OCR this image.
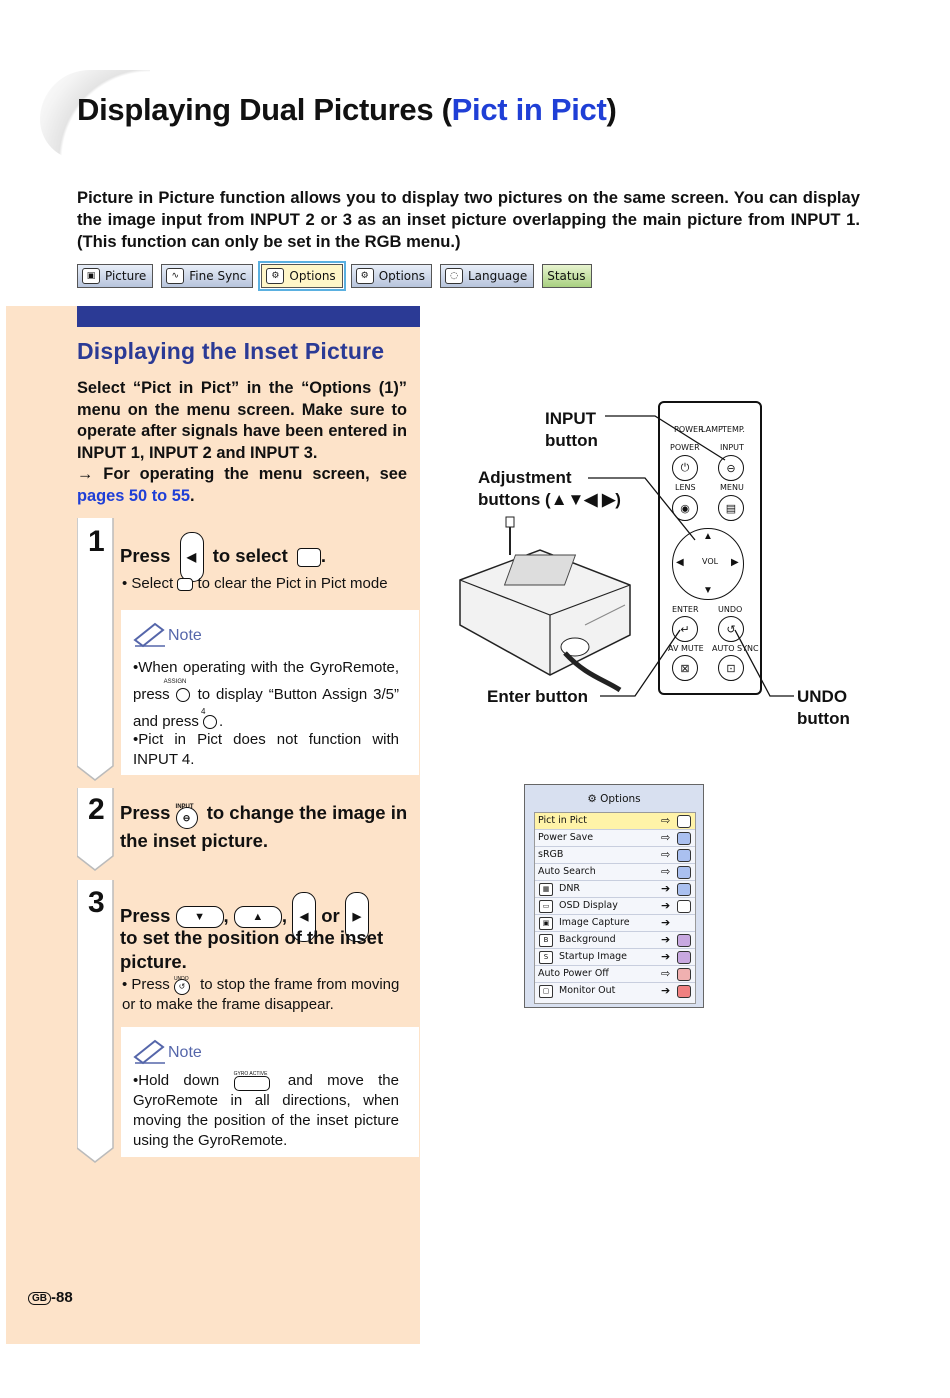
Displaying Dual Pictures (Pict in Pict)
Picture in Picture function allows you to display two pictures on the same screen. You can display the image input from INPUT 2 or 3 as an inset picture overlapping the main picture from INPUT 1. (This function can only be set in the RGB menu.)
▣ Picture	∿ Fine Sync	⚙ Options	⚙ Options	◌ Language Status
Displaying the Inset Picture
Select “Pict in Pict” in the “Options (1)” menu on the menu screen. Make sure to operate after signals have been entered in INPUT 1, INPUT 2 and INPUT 3.
→ For operating the menu screen, see pages 50 to 55.
1 Press ◀ to select .
• Select to clear the Pict in Pict mode
Note
•When operating with the GyroRemote, press
ASSIGN
to display “Button Assign 3/5” and press
4
.
•Pict in Pict does not function with INPUT 4.
2 Press INPUT
⊖ to change the image in the inset picture.
3 Press ▼ , ▲ , ◀ or ▶
to set the position of the inset picture.
• Press UNDO
↺ to stop the frame from moving or to make the frame disappear.
Note
•Hold down	GYRO ACTIVE and move the GyroRemote in all directions, when moving the position of the inset picture using the GyroRemote.
GB -88
POWER
LAMP TEMP.
POWER	INPUT
⏻	⊖
LENS	MENU
◉	▤
VOL
▲
▼
◀	▶
ENTER UNDO
↵	↺
AV MUTE AUTO SYNC
⊠	⊡
INPUT
button
Adjustment
buttons (▲▼◀ ▶)
Enter button	UNDO
button
⚙ Options
Pict in Pict	⇨
Power Save	⇨
sRGB	⇨
Auto Search	⇨
▦	DNR	➔
▭	OSD Display	➔
▣	Image Capture	➔
B	Background	➔
S	Startup Image	➔
Auto Power Off	⇨
▢	Monitor Out	➔
